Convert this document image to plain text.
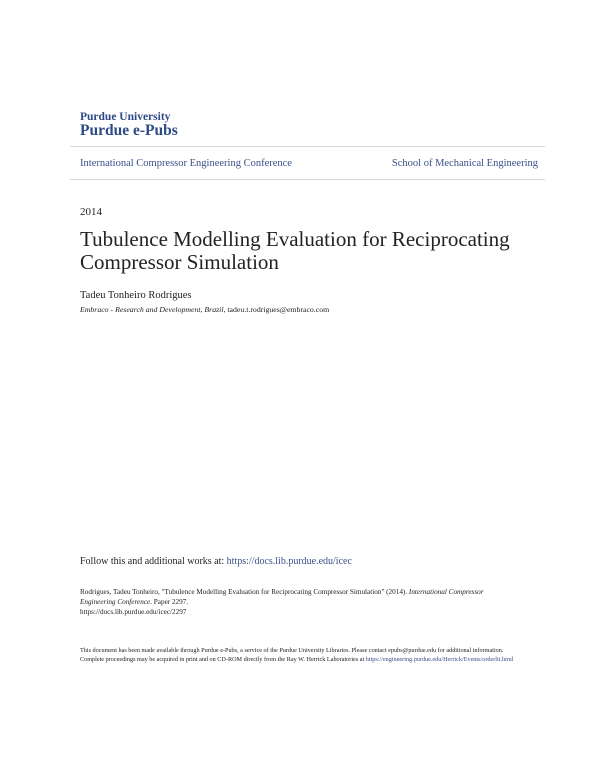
Purdue University
Purdue e-Pubs
International Compressor Engineering Conference	School of Mechanical Engineering
2014
Tubulence Modelling Evaluation for Reciprocating Compressor Simulation
Tadeu Tonheiro Rodrigues
Embraco - Research and Development, Brazil, tadeu.t.rodrigues@embraco.com
Follow this and additional works at: https://docs.lib.purdue.edu/icec
Rodrigues, Tadeu Tonheiro, "Tubulence Modelling Evaluation for Reciprocating Compressor Simulation" (2014). International Compressor Engineering Conference. Paper 2297.
https://docs.lib.purdue.edu/icec/2297
This document has been made available through Purdue e-Pubs, a service of the Purdue University Libraries. Please contact epubs@purdue.edu for additional information.
Complete proceedings may be acquired in print and on CD-ROM directly from the Ray W. Herrick Laboratories at https://engineering.purdue.edu/Herrick/Events/orderlit.html
